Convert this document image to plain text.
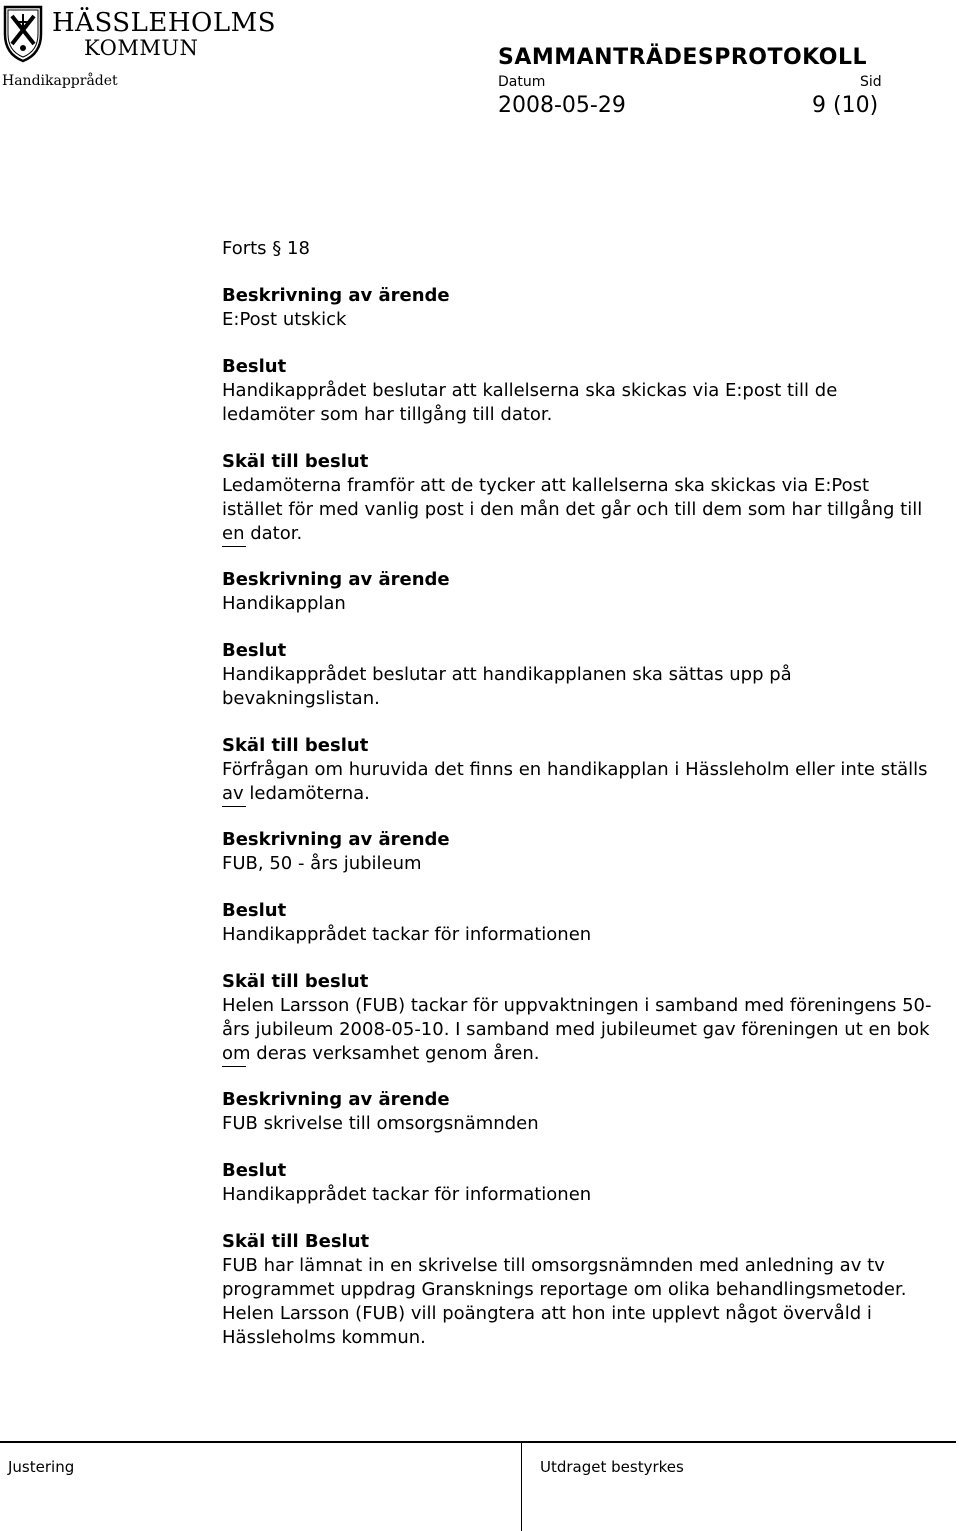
HÄSSLEHOLMS
KOMMUN
Handikapprådet
SAMMANTRÄDESPROTOKOLL
Datum	Sid
2008-05-29	9 (10)

Forts § 18

Beskrivning av ärende

E:Post utskick

Beslut

Handikapprådet beslutar att kallelserna ska skickas via E:post till de ledamöter som har tillgång till dator.

Skäl till beslut

Ledamöterna framför att de tycker att kallelserna ska skickas via E:Post istället för med vanlig post i den mån det går och till dem som har tillgång till en dator.

Beskrivning av ärende

Handikapplan

Beslut

Handikapprådet beslutar att handikapplanen ska sättas upp på bevakningslistan.

Skäl till beslut

Förfrågan om huruvida det finns en handikapplan i Hässleholm eller inte ställs av ledamöterna.

Beskrivning av ärende

FUB, 50 - års jubileum

Beslut

Handikapprådet tackar för informationen

Skäl till beslut

Helen Larsson (FUB) tackar för uppvaktningen i samband med föreningens 50-års jubileum 2008-05-10. I samband med jubileumet gav föreningen ut en bok om deras verksamhet genom åren.

Beskrivning av ärende

FUB skrivelse till omsorgsnämnden

Beslut

Handikapprådet tackar för informationen

Skäl till Beslut

FUB har lämnat in en skrivelse till omsorgsnämnden med anledning av tv programmet uppdrag Gransknings reportage om olika behandlingsmetoder. Helen Larsson (FUB) vill poängtera att hon inte upplevt något övervåld i Hässleholms kommun.

Justering	Utdraget bestyrkes
